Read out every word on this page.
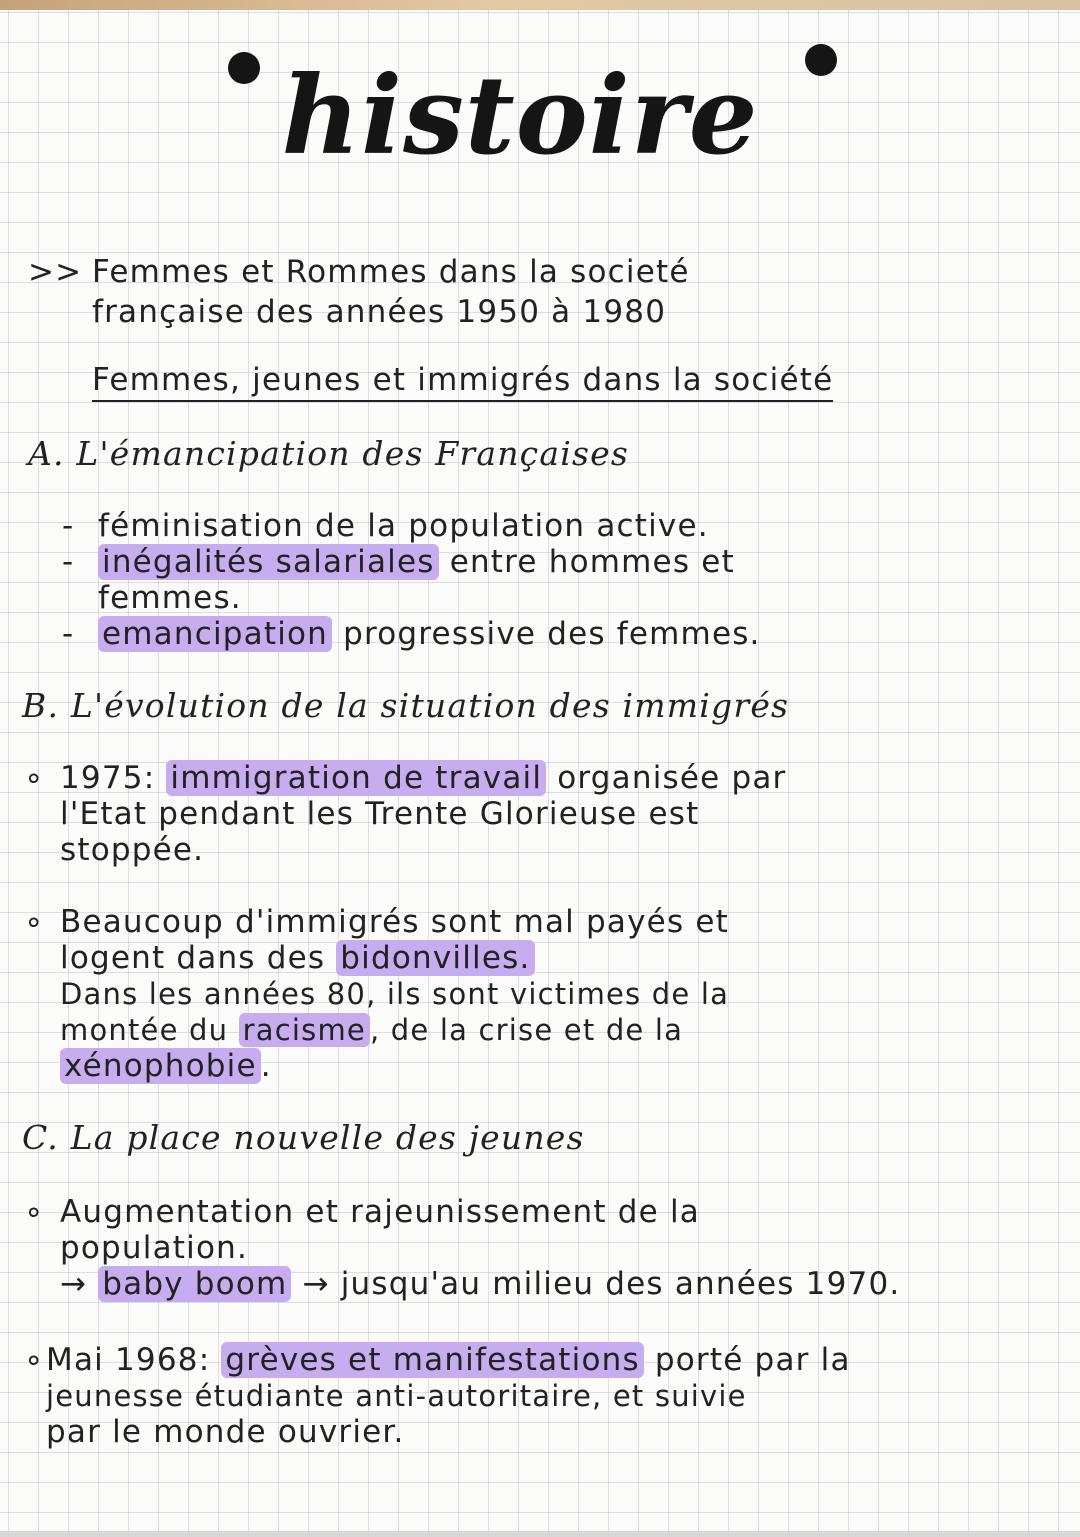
histoire
>> Femmes et Rommes dans la societé
française des années 1950 à 1980
Femmes, jeunes et immigrés dans la société
A. L'émancipation des Françaises
- féminisation de la population active.
- inégalités salariales entre hommes et
femmes.
- emancipation progressive des femmes.
B. L'évolution de la situation des immigrés
∘ 1975: immigration de travail organisée par
l'Etat pendant les Trente Glorieuse est
stoppée.
∘ Beaucoup d'immigrés sont mal payés et
logent dans des bidonvilles.
Dans les années 80, ils sont victimes de la
montée du racisme , de la crise et de la
xénophobie .
C. La place nouvelle des jeunes
∘ Augmentation et rajeunissement de la
population.
→ baby boom → jusqu'au milieu des années 1970.
∘ Mai 1968: grèves et manifestations porté par la
jeunesse étudiante anti-autoritaire, et suivie
par le monde ouvrier.
